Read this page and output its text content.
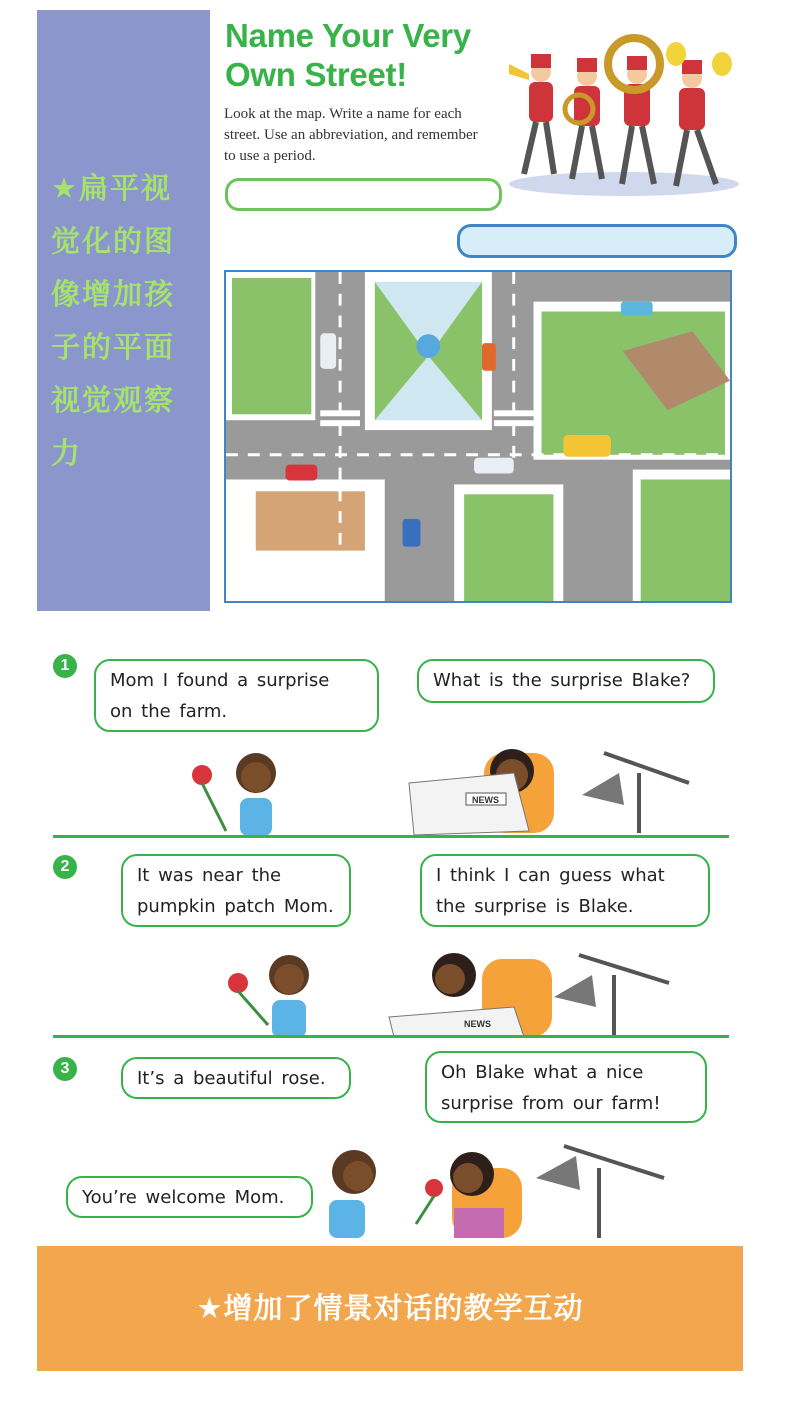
★扁平视觉化的图像增加孩子的平面视觉观察力
Name Your Very
Own Street!
Look at the map. Write a name for each street. Use an abbreviation, and remember to use a period.
1
Mom I found a surprise
on the farm.
What is the surprise Blake?
NEWS
2	It was near the
pumpkin patch Mom.
I think I can guess what
the surprise is Blake.
NEWS
3	It’s a beautiful rose.	Oh Blake what a nice
surprise from our farm!
You’re welcome Mom.
★增加了情景对话的教学互动
